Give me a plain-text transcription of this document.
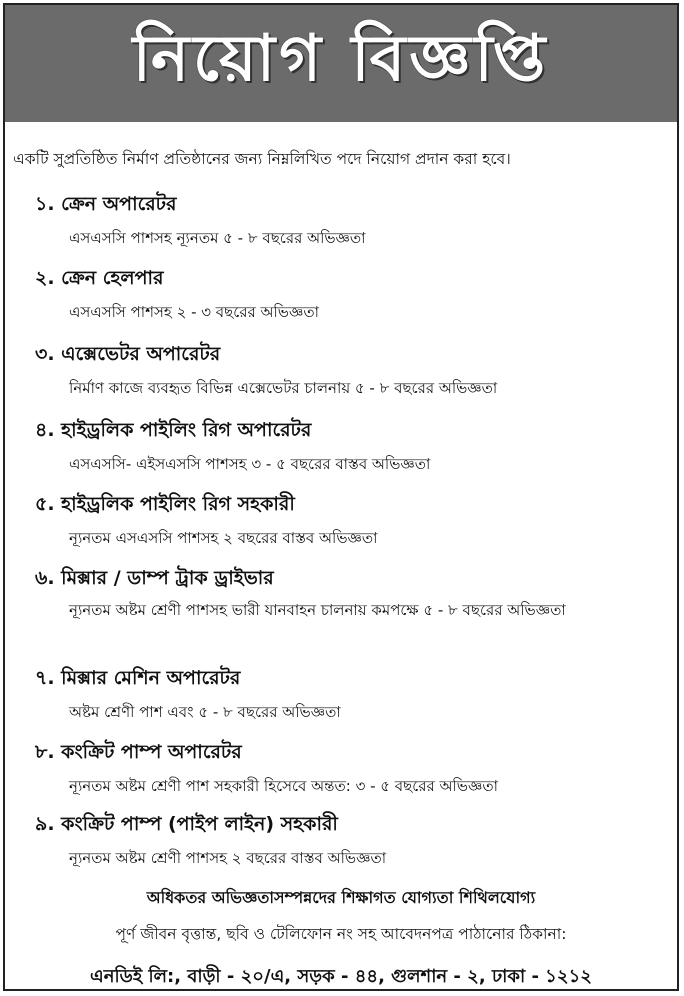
নিয়োগ বিজ্ঞপ্তি
একটি সুপ্রতিষ্ঠিত নির্মাণ প্রতিষ্ঠানের জন্য নিম্নলিখিত পদে নিয়োগ প্রদান করা হবে।
১. ক্রেন অপারেটর
এসএসসি পাশসহ ন্যূনতম ৫ - ৮ বছরের অভিজ্ঞতা
২. ক্রেন হেলপার
এসএসসি পাশসহ ২ - ৩ বছরের অভিজ্ঞতা
৩. এক্সেভেটর অপারেটর
নির্মাণ কাজে ব্যবহৃত বিভিন্ন এক্সেভেটর চালনায় ৫ - ৮ বছরের অভিজ্ঞতা
৪. হাইড্রলিক পাইলিং রিগ অপারেটর
এসএসসি- এইসএসসি পাশসহ ৩ - ৫ বছরের বাস্তব অভিজ্ঞতা
৫. হাইড্রলিক পাইলিং রিগ সহকারী
ন্যূনতম এসএসসি পাশসহ ২ বছরের বাস্তব অভিজ্ঞতা
৬. মিক্সার / ডাম্প ট্রাক ড্রাইভার
ন্যূনতম অষ্টম শ্রেণী পাশসহ ভারী যানবাহন চালনায় কমপক্ষে ৫ - ৮ বছরের অভিজ্ঞতা
৭. মিক্সার মেশিন অপারেটর
অষ্টম শ্রেণী পাশ এবং ৫ - ৮ বছরের অভিজ্ঞতা
৮. কংক্রিট পাম্প অপারেটর
ন্যূনতম অষ্টম শ্রেণী পাশ সহকারী হিসেবে অন্তত: ৩ - ৫ বছরের অভিজ্ঞতা
৯. কংক্রিট পাম্প (পাইপ লাইন) সহকারী
ন্যূনতম অষ্টম শ্রেণী পাশসহ ২ বছরের বাস্তব অভিজ্ঞতা
অধিকতর অভিজ্ঞতাসম্পন্নদের শিক্ষাগত যোগ্যতা শিথিলযোগ্য
পূর্ণ জীবন বৃত্তান্ত, ছবি ও টেলিফোন নং সহ আবেদনপত্র পাঠানোর ঠিকানা:
এনডিই লি:, বাড়ী - ২০/এ, সড়ক - ৪৪, গুলশান - ২, ঢাকা - ১২১২
